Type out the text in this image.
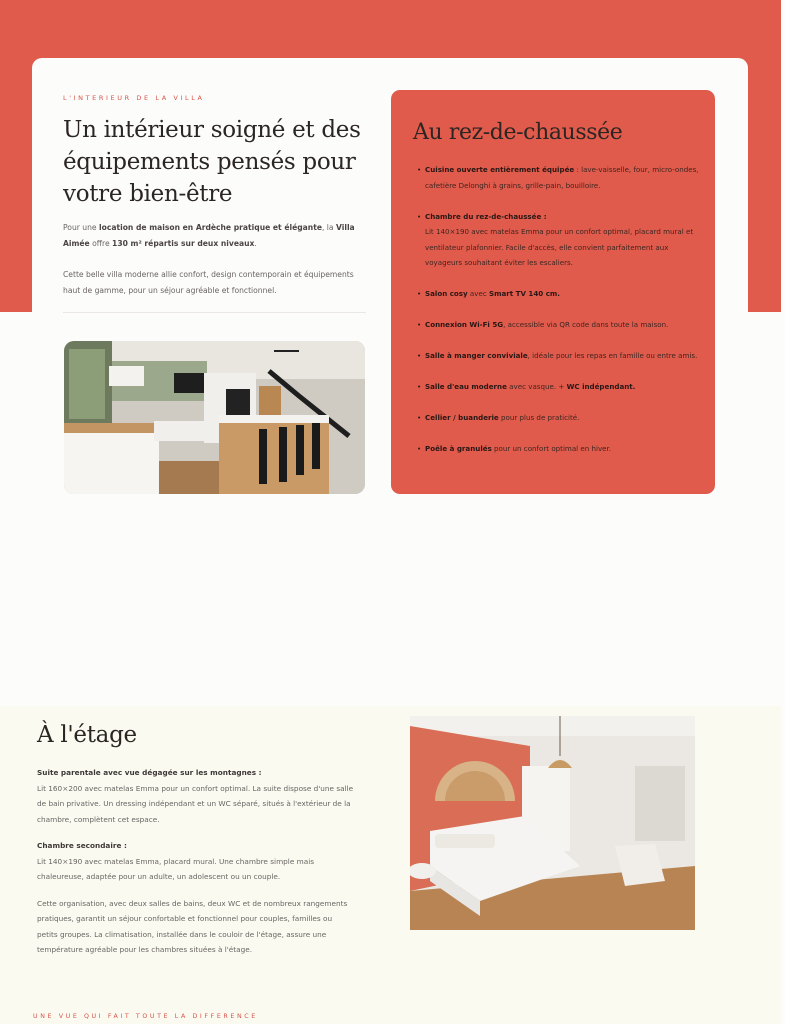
L'INTERIEUR DE LA VILLA
Un intérieur soigné et des équipements pensés pour votre bien-être

Pour une location de maison en Ardèche pratique et élégante, la Villa Aimée offre 130 m² répartis sur deux niveaux.

Cette belle villa moderne allie confort, design contemporain et équipements haut de gamme, pour un séjour agréable et fonctionnel.

Au rez-de-chaussée
• Cuisine ouverte entièrement équipée : lave-vaisselle, four, micro-ondes, cafetière Delonghi à grains, grille-pain, bouilloire.
• Chambre du rez-de-chaussée :
Lit 140×190 avec matelas Emma pour un confort optimal, placard mural et ventilateur plafonnier. Facile d'accès, elle convient parfaitement aux voyageurs souhaitant éviter les escaliers.
• Salon cosy avec Smart TV 140 cm.
• Connexion Wi-Fi 5G, accessible via QR code dans toute la maison.
• Salle à manger conviviale, idéale pour les repas en famille ou entre amis.
• Salle d'eau moderne avec vasque. + WC indépendant.
• Cellier / buanderie pour plus de praticité.
• Poêle à granulés pour un confort optimal en hiver.
À l'étage

Suite parentale avec vue dégagée sur les montagnes :
Lit 160×200 avec matelas Emma pour un confort optimal. La suite dispose d'une salle de bain privative. Un dressing indépendant et un WC séparé, situés à l'extérieur de la chambre, complètent cet espace.

Chambre secondaire :
Lit 140×190 avec matelas Emma, placard mural. Une chambre simple mais chaleureuse, adaptée pour un adulte, un adolescent ou un couple.

Cette organisation, avec deux salles de bains, deux WC et de nombreux rangements pratiques, garantit un séjour confortable et fonctionnel pour couples, familles ou petits groupes. La climatisation, installée dans le couloir de l'étage, assure une température agréable pour les chambres situées à l'étage.

UNE VUE QUI FAIT TOUTE LA DIFFERENCE
